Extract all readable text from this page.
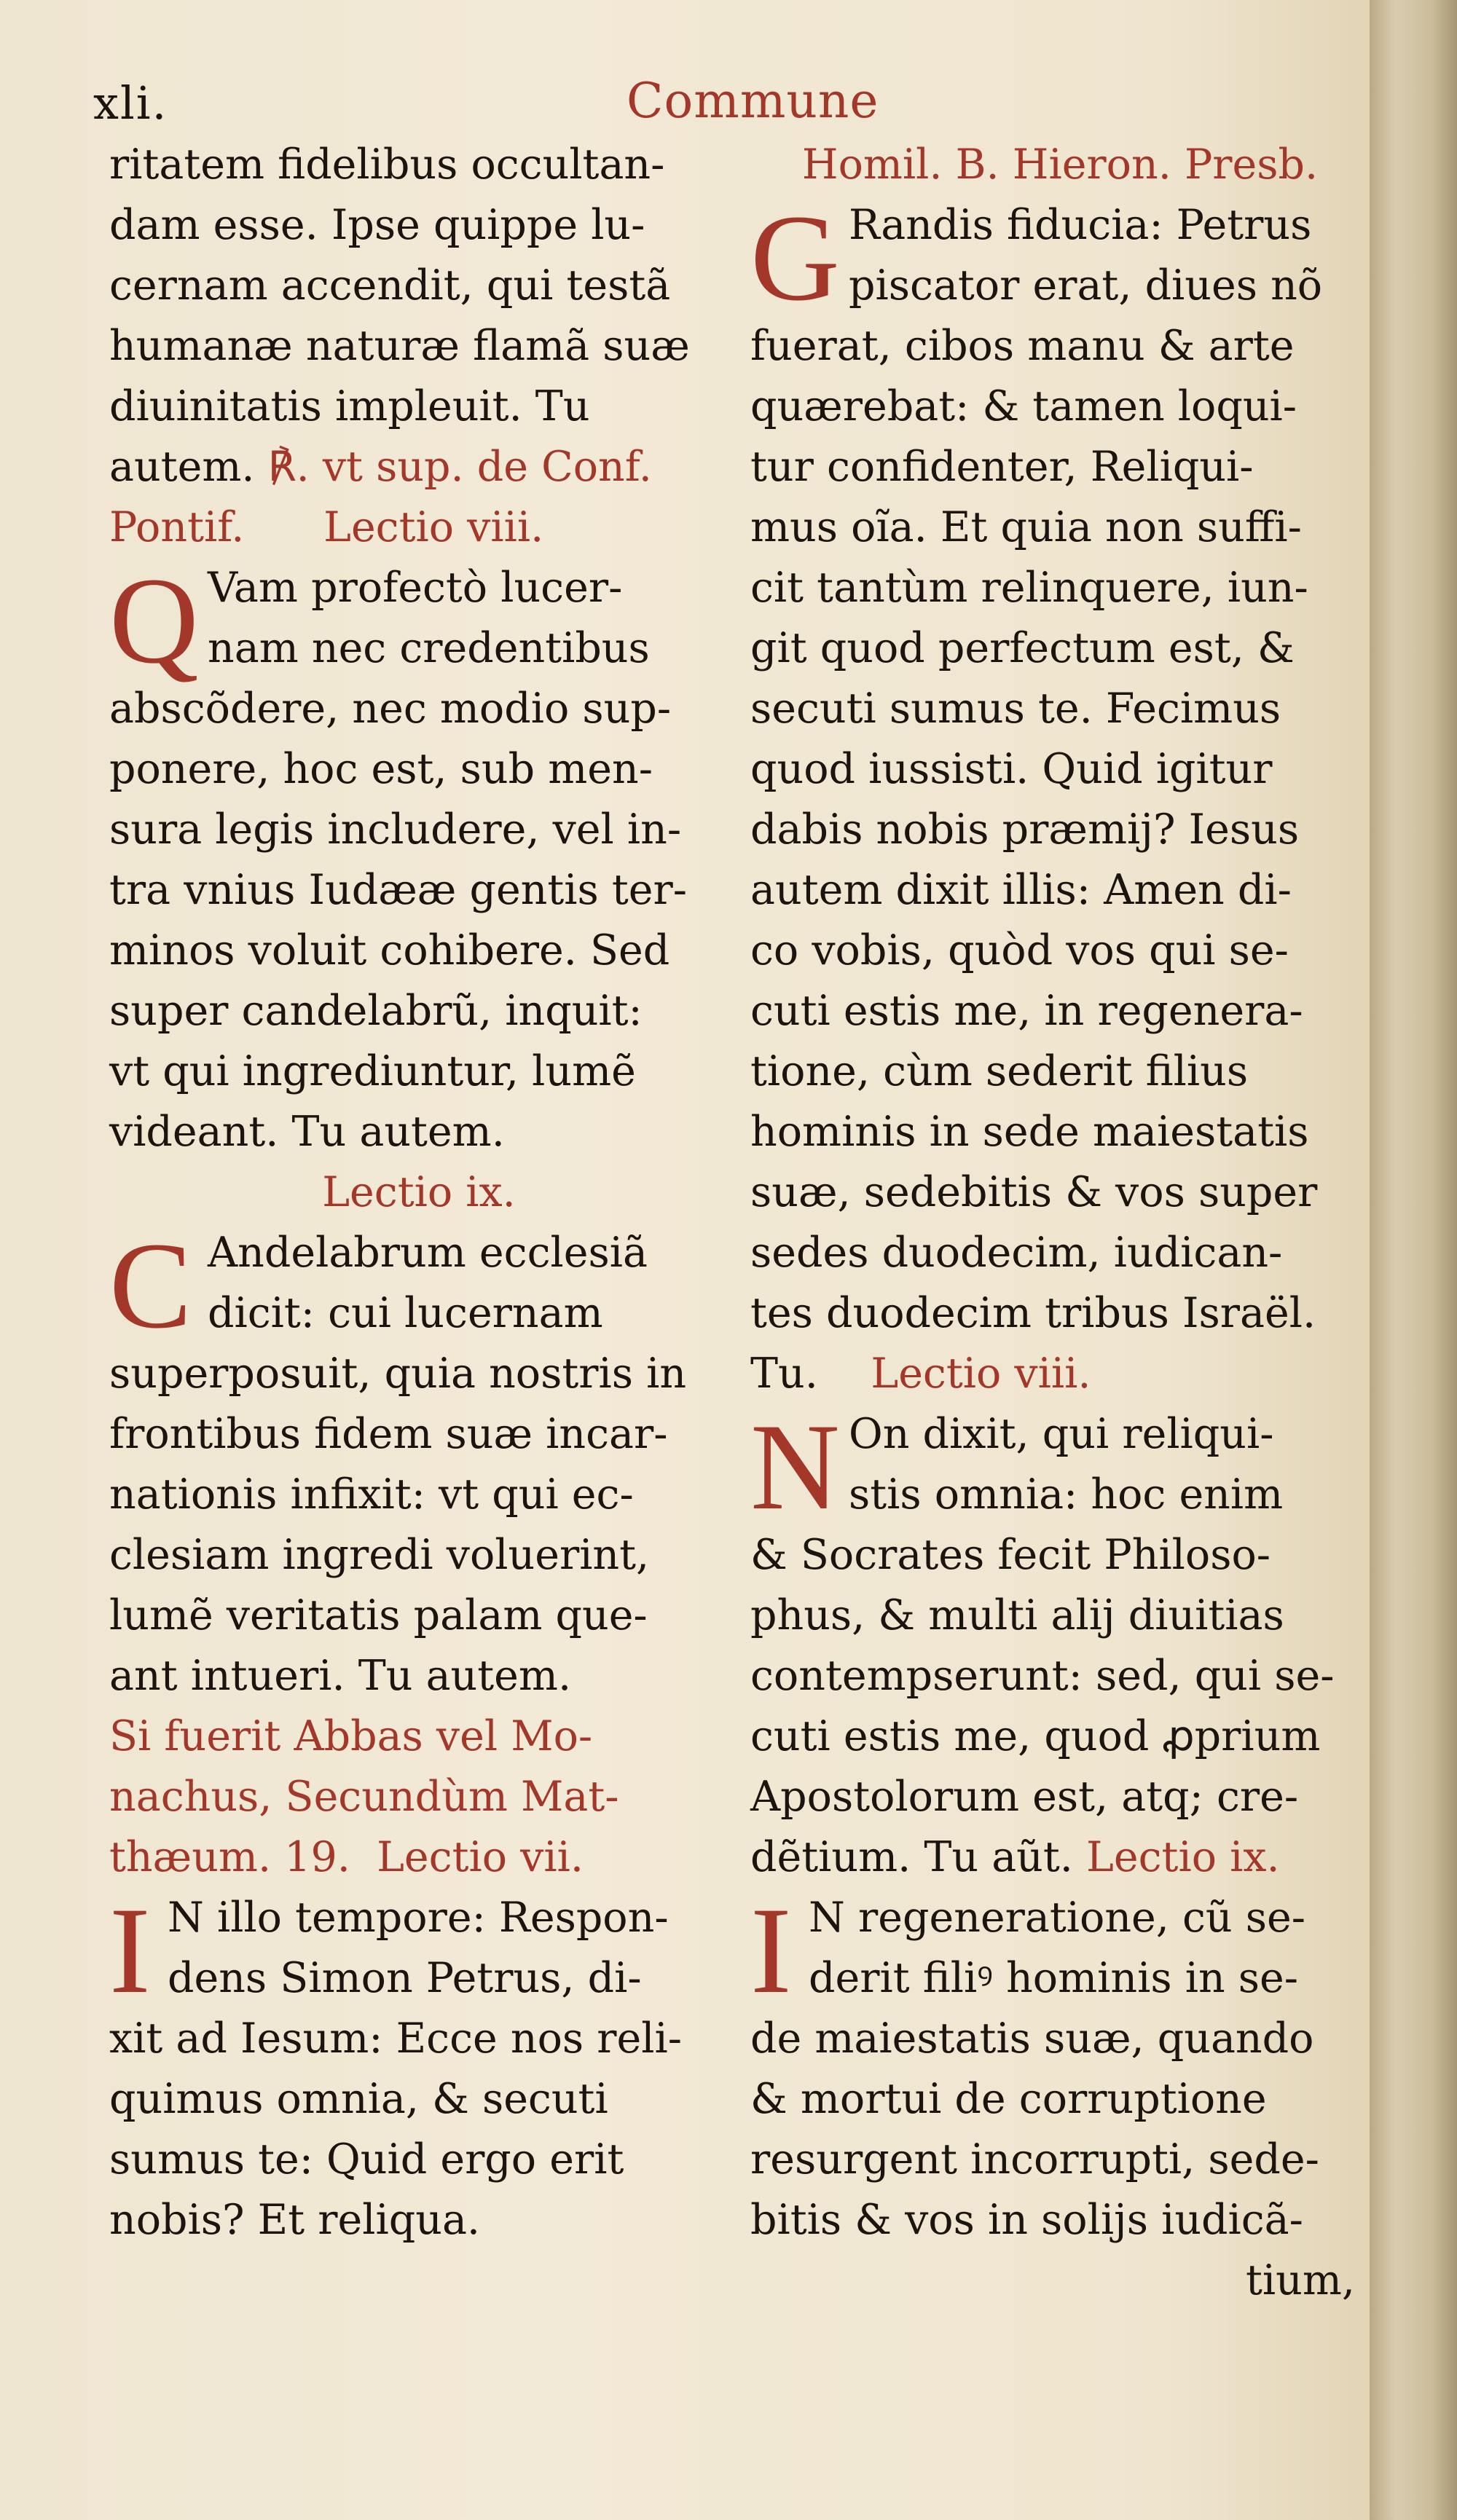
xli.	Commune
ritatem fidelibus occultan-
dam esse. Ipse quippe lu-
cernam accendit, qui testã
humanæ naturæ flamã suæ
diuinitatis impleuit. Tu
autem. ℟. vt sup. de Conf.
Pontif.      Lectio viii.
Q Vam profectò lucer-
nam nec credentibus
abscõdere, nec modio sup-
ponere, hoc est, sub men-
sura legis includere, vel in-
tra vnius Iudææ gentis ter-
minos voluit cohibere. Sed
super candelabrũ, inquit:
vt qui ingrediuntur, lumẽ
videant. Tu autem.
Lectio ix.
C Andelabrum ecclesiã
dicit: cui lucernam
superposuit, quia nostris in
frontibus fidem suæ incar-
nationis infixit: vt qui ec-
clesiam ingredi voluerint,
lumẽ veritatis palam que-
ant intueri. Tu autem.
Si fuerit Abbas vel Mo-
nachus, Secundùm Mat-
thæum. 19.  Lectio vii.
I N illo tempore: Respon-
dens Simon Petrus, di-
xit ad Iesum: Ecce nos reli-
quimus omnia, & secuti
sumus te: Quid ergo erit
nobis? Et reliqua.
Homil. B. Hieron. Presb.
G Randis fiducia: Petrus
piscator erat, diues nõ
fuerat, cibos manu & arte
quærebat: & tamen loqui-
tur confidenter, Reliqui-
mus oĩa. Et quia non suffi-
cit tantùm relinquere, iun-
git quod perfectum est, &
secuti sumus te. Fecimus
quod iussisti. Quid igitur
dabis nobis præmij? Iesus
autem dixit illis: Amen di-
co vobis, quòd vos qui se-
cuti estis me, in regenera-
tione, cùm sederit filius
hominis in sede maiestatis
suæ, sedebitis & vos super
sedes duodecim, iudican-
tes duodecim tribus Israël.
Tu. Lectio viii.
N On dixit, qui reliqui-
stis omnia: hoc enim
& Socrates fecit Philoso-
phus, & multi alij diuitias
contempserunt: sed, qui se-
cuti estis me, quod ꝓprium
Apostolorum est, atq; cre-
dẽtium. Tu aũt. Lectio ix.
I N regeneratione, cũ se-
derit filiꝰ hominis in se-
de maiestatis suæ, quando
& mortui de corruptione
resurgent incorrupti, sede-
bitis & vos in solijs iudicã-
tium,
